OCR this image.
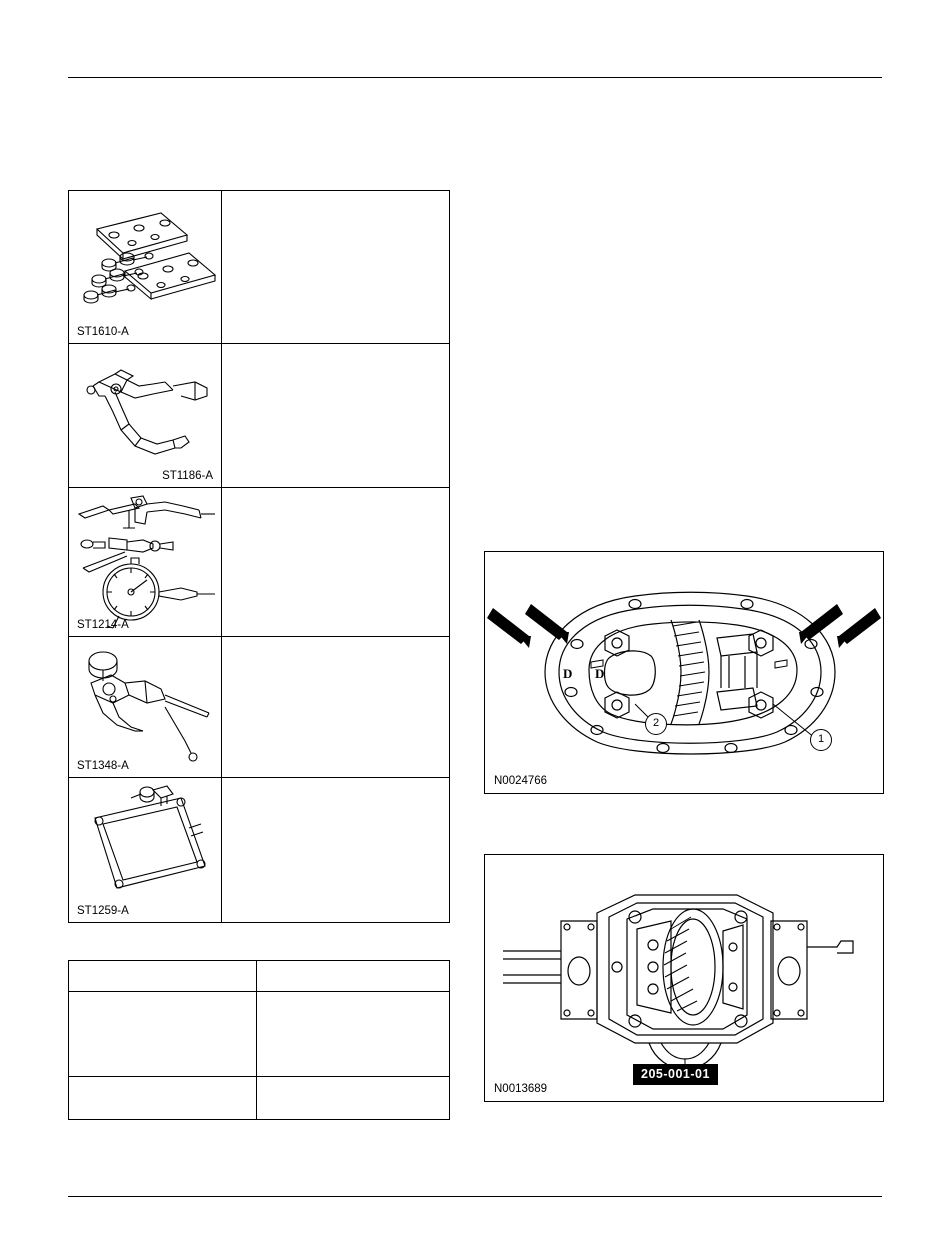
ST1610-A	

ST1186-A	

ST1214-A	

ST1348-A	

ST1259-A	

D D
2
1
N0024766
205-001-01
N0013689
